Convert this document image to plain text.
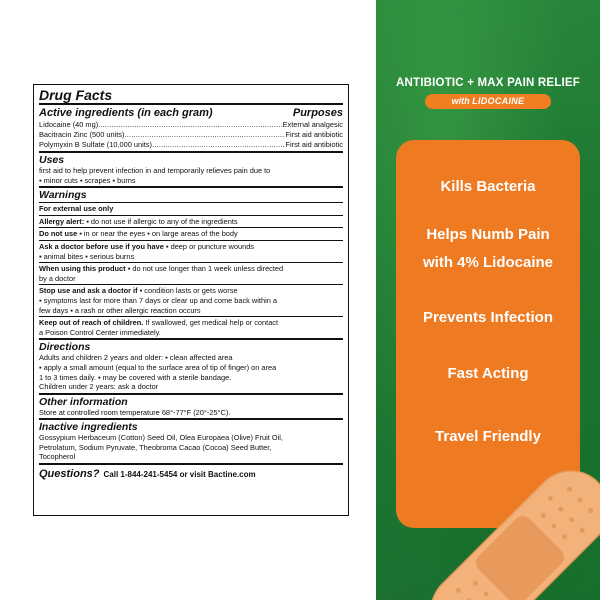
Drug Facts
Active ingredients (in each gram)	Purposes
Lidocaine (40 mg) .....	External analgesic
Bacitracin Zinc (500 units) .....	First aid antibiotic
Polymyxin B Sulfate (10,000 units) .....	First aid antibiotic
Uses
first aid to help prevent infection in and temporarily relieves pain due to
▪ minor cuts ▪ scrapes ▪ burns
Warnings
For external use only
Allergy alert: ▪ do not use if allergic to any of the ingredients
Do not use ▪ in or near the eyes ▪ on large areas of the body
Ask a doctor before use if you have ▪ deep or puncture wounds
▪ animal bites ▪ serious burns
When using this product ▪ do not use longer than 1 week unless directed
by a doctor
Stop use and ask a doctor if ▪ condition lasts or gets worse
▪ symptoms last for more than 7 days or clear up and come back within a
few days ▪ a rash or other allergic reaction occurs
Keep out of reach of children. If swallowed, get medical help or contact
a Poison Control Center immediately.
Directions
Adults and children 2 years and older: ▪ clean affected area
▪ apply a small amount (equal to the surface area of tip of finger) on area
1 to 3 times daily. ▪ may be covered with a sterile bandage.
Children under 2 years: ask a doctor
Other information
Store at controlled room temperature 68°-77°F (20°-25°C).
Inactive ingredients
Gossypium Herbaceum (Cotton) Seed Oil, Olea Europaea (Olive) Fruit Oil,
Petrolatum, Sodium Pyruvate, Theobroma Cacao (Cocoa) Seed Butter,
Tocopherol
Questions? Call 1-844-241-5454 or visit Bactine.com
ANTIBIOTIC + MAX PAIN RELIEF
with LIDOCAINE
Kills Bacteria
Helps Numb Pain
with 4% Lidocaine
Prevents Infection
Fast Acting
Travel Friendly
